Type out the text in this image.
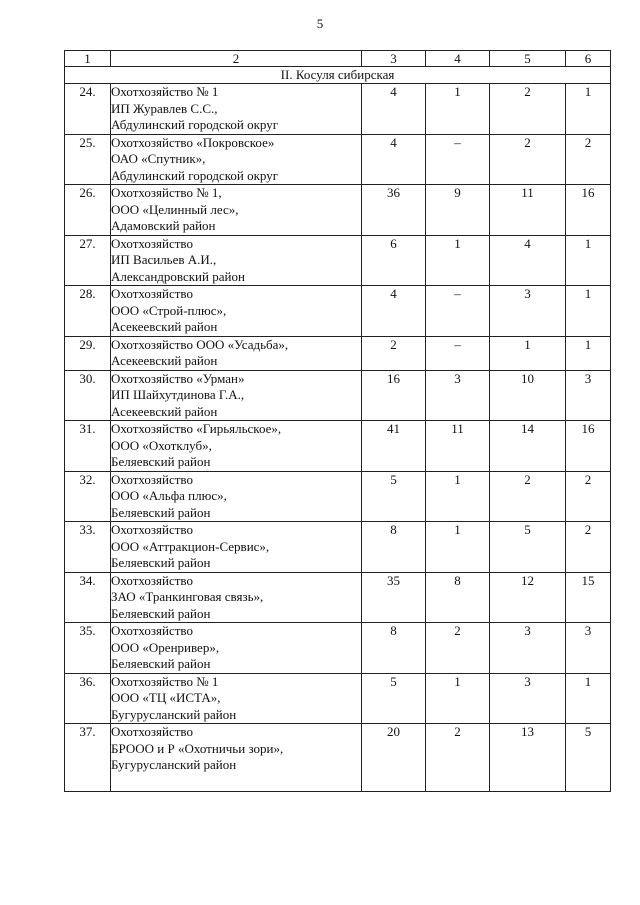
5
1	2	3	4	5	6
II. Косуля сибирская					
24.	Охотхозяйство № 1
ИП Журавлев С.С.,
Абдулинский городской округ	4	1	2	1
25.	Охотхозяйство «Покровское»
ОАО «Спутник»,
Абдулинский городской округ	4	–	2	2
26.	Охотхозяйство № 1,
ООО «Целинный лес»,
Адамовский район	36	9	11	16
27.	Охотхозяйство
ИП Васильев А.И.,
Александровский район	6	1	4	1
28.	Охотхозяйство
ООО «Строй-плюс»,
Асекеевский район	4	–	3	1
29.	Охотхозяйство ООО «Усадьба»,
Асекеевский район	2	–	1	1
30.	Охотхозяйство «Урман»
ИП Шайхутдинова Г.А.,
Асекеевский район	16	3	10	3
31.	Охотхозяйство «Гирьяльское»,
ООО «Охотклуб»,
Беляевский район	41	11	14	16
32.	Охотхозяйство
ООО «Альфа плюс»,
Беляевский район	5	1	2	2
33.	Охотхозяйство
ООО «Аттракцион-Сервис»,
Беляевский район	8	1	5	2
34.	Охотхозяйство
ЗАО «Транкинговая связь»,
Беляевский район	35	8	12	15
35.	Охотхозяйство
ООО «Оренривер»,
Беляевский район	8	2	3	3
36.	Охотхозяйство № 1
ООО «ТЦ «ИСТА»,
Бугурусланский район	5	1	3	1
37.	Охотхозяйство
БРООО и Р «Охотничьи зори»,
Бугурусланский район	20	2	13	5
